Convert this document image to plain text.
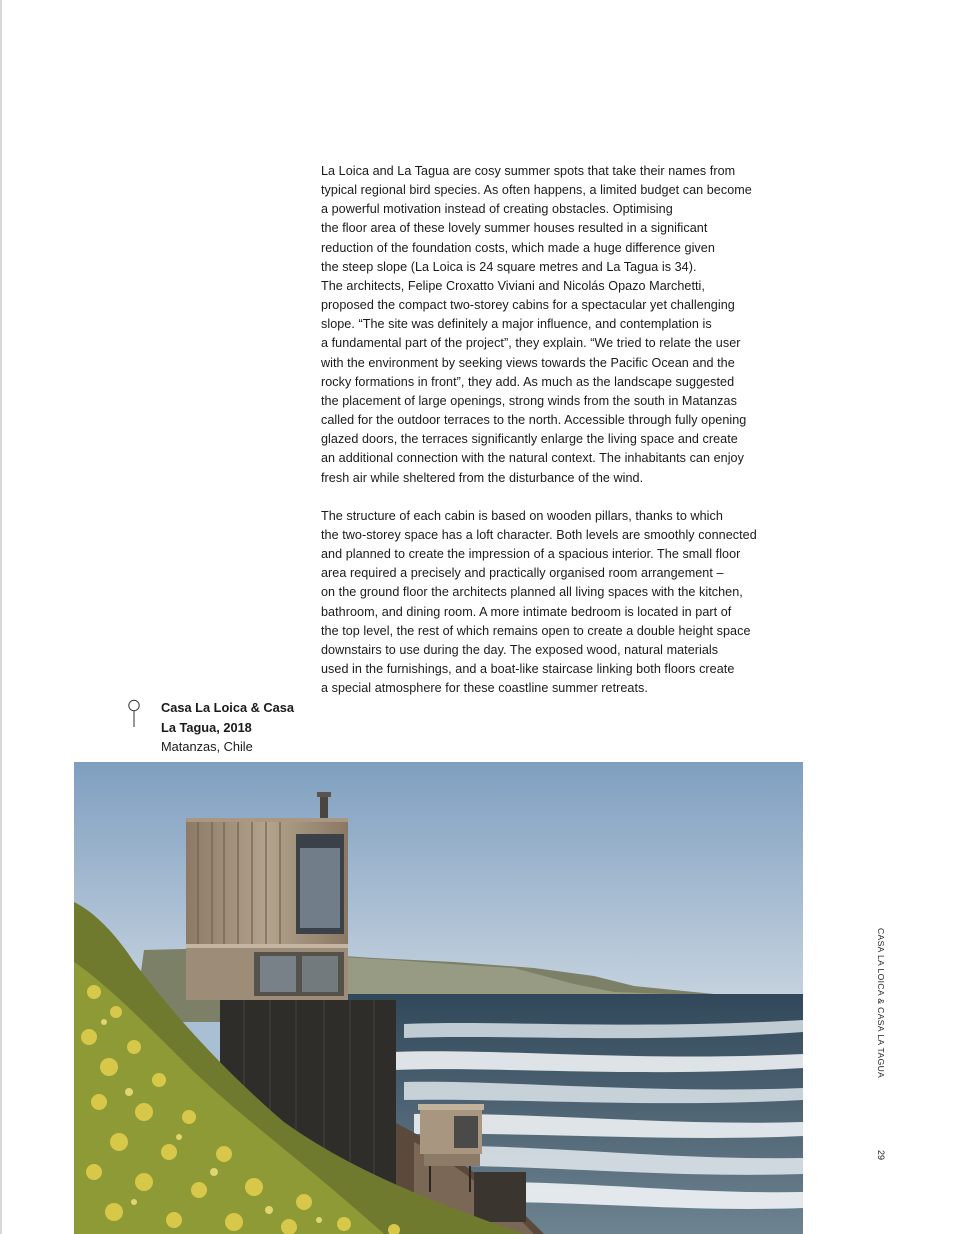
La Loica and La Tagua are cosy summer spots that take their names from
typical regional bird species. As often happens, a limited budget can become
a powerful motivation instead of creating obstacles. Optimising
the floor area of these lovely summer houses resulted in a significant
reduction of the foundation costs, which made a huge difference given
the steep slope (La Loica is 24 square metres and La Tagua is 34).
The architects, Felipe Croxatto Viviani and Nicolás Opazo Marchetti,
proposed the compact two-storey cabins for a spectacular yet challenging
slope. “The site was definitely a major influence, and contemplation is
a fundamental part of the project”, they explain. “We tried to relate the user
with the environment by seeking views towards the Pacific Ocean and the
rocky formations in front”, they add. As much as the landscape suggested
the placement of large openings, strong winds from the south in Matanzas
called for the outdoor terraces to the north. Accessible through fully opening
glazed doors, the terraces significantly enlarge the living space and create
an additional connection with the natural context. The inhabitants can enjoy
fresh air while sheltered from the disturbance of the wind.

The structure of each cabin is based on wooden pillars, thanks to which
the two-storey space has a loft character. Both levels are smoothly connected
and planned to create the impression of a spacious interior. The small floor
area required a precisely and practically organised room arrangement –
on the ground floor the architects planned all living spaces with the kitchen,
bathroom, and dining room. A more intimate bedroom is located in part of
the top level, the rest of which remains open to create a double height space
downstairs to use during the day. The exposed wood, natural materials
used in the furnishings, and a boat-like staircase linking both floors create
a special atmosphere for these coastline summer retreats.

Casa La Loica & Casa
La Tagua, 2018
Matanzas, Chile
CASA LA LOICA & CASA LA TAGUA
29
